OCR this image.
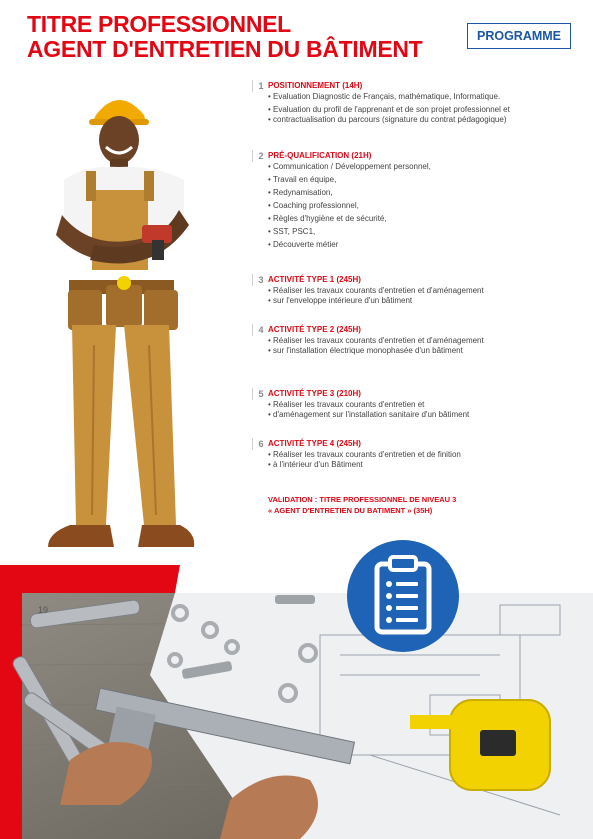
TITRE PROFESSIONNEL
AGENT D'ENTRETIEN DU BÂTIMENT	PROGRAMME
1 POSITIONNEMENT (14H)
• Evaluation Diagnostic de Français, mathématique, Informatique.
• Evaluation du profil de l'apprenant et de son projet professionnel et
• contractualisation du parcours (signature du contrat pédagogique)
2 PRÉ-QUALIFICATION (21H)
• Communication / Développement personnel,
• Travail en équipe,
• Redynamisation,
• Coaching professionnel,
• Règles d'hygiène et de sécurité,
• SST, PSC1,
• Découverte métier
3 ACTIVITÉ TYPE 1 (245H)
• Réaliser les travaux courants d'entretien et d'aménagement
• sur l'enveloppe intérieure d'un bâtiment
4 ACTIVITÉ TYPE 2 (245H)
• Réaliser les travaux courants d'entretien et d'aménagement
• sur l'installation électrique monophasée d'un bâtiment
5 ACTIVITÉ TYPE 3 (210H)
• Réaliser les travaux courants d'entretien et
• d'aménagement sur l'installation sanitaire d'un bâtiment
6 ACTIVITÉ TYPE 4 (245H)
• Réaliser les travaux courants d'entretien et de finition
• à l'intérieur d'un Bâtiment
VALIDATION : TITRE PROFESSIONNEL DE NIVEAU 3
« AGENT D'ENTRETIEN DU BATIMENT » (35H)
19
